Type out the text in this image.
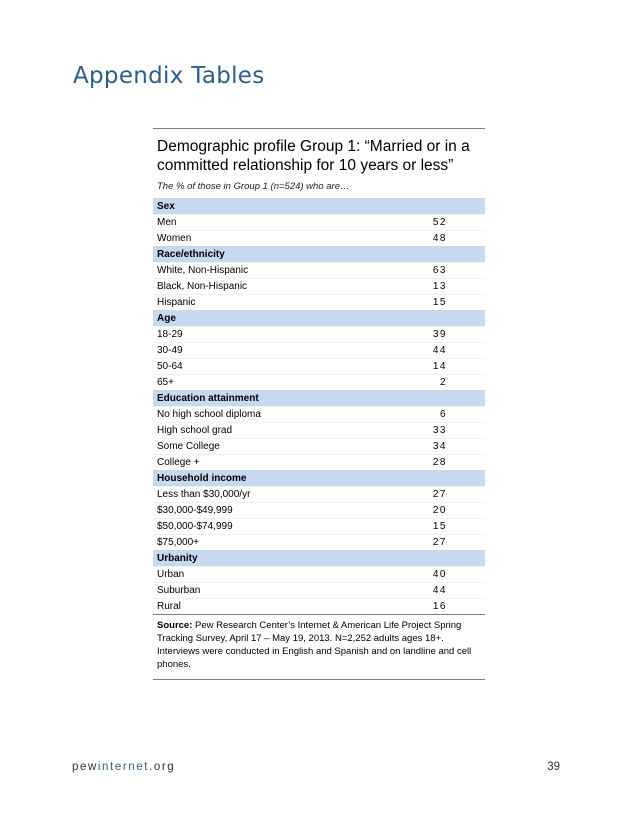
Appendix Tables
Demographic profile Group 1: “Married or in a committed relationship for 10 years or less”
The % of those in Group 1 (n=524) who are…
Sex
Men	52
Women	48
Race/ethnicity
White, Non-Hispanic	63
Black, Non-Hispanic	13
Hispanic	15
Age
18-29	39
30-49	44
50-64	14
65+	2
Education attainment
No high school diploma	6
High school grad	33
Some College	34
College +	28
Household income
Less than $30,000/yr	27
$30,000-$49,999	20
$50,000-$74,999	15
$75,000+	27
Urbanity
Urban	40
Suburban	44
Rural	16
Source: Pew Research Center’s Internet & American Life Project Spring Tracking Survey, April 17 – May 19, 2013. N=2,252 adults ages 18+. Interviews were conducted in English and Spanish and on landline and cell phones.
pewinternet.org	39
